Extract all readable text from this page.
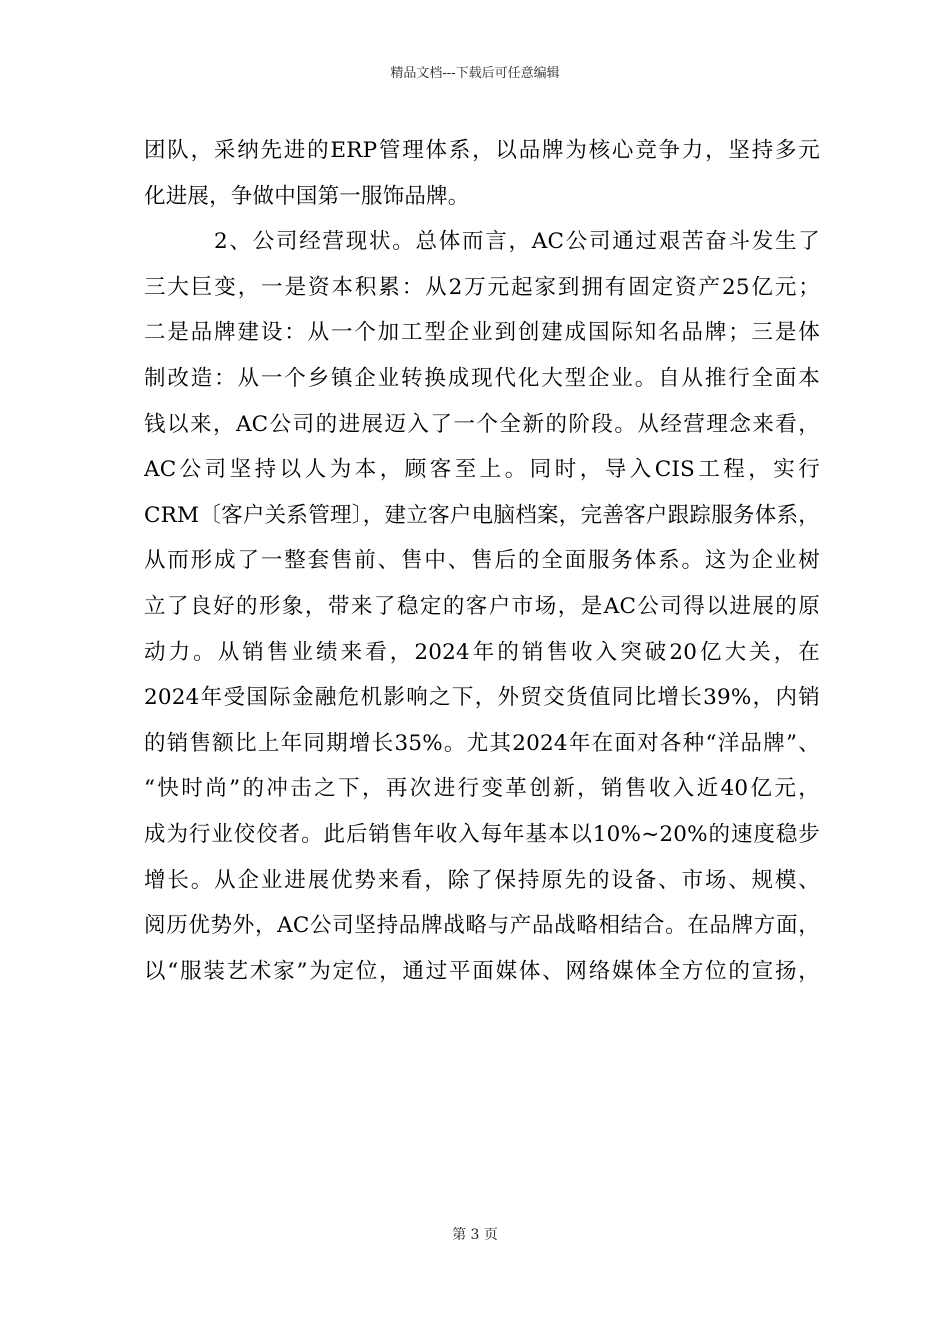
精品文档---下载后可任意编辑
团队，采纳先进的ERP管理体系，以品牌为核心竞争力，坚持多元
化进展，争做中国第一服饰品牌。
2、公司经营现状。总体而言，AC公司通过艰苦奋斗发生了
三大巨变，一是资本积累：从2万元起家到拥有固定资产25亿元；
二是品牌建设：从一个加工型企业到创建成国际知名品牌；三是体
制改造：从一个乡镇企业转换成现代化大型企业。自从推行全面本
钱以来，AC公司的进展迈入了一个全新的阶段。从经营理念来看，
AC公司坚持以人为本，顾客至上。同时，导入CIS工程，实行
CRM〔客户关系管理〕，建立客户电脑档案，完善客户跟踪服务体系，
从而形成了一整套售前、售中、售后的全面服务体系。这为企业树
立了良好的形象，带来了稳定的客户市场，是AC公司得以进展的原
动力。从销售业绩来看，2024年的销售收入突破20亿大关，在
2024年受国际金融危机影响之下，外贸交货值同比增长39%，内销
的销售额比上年同期增长35%。尤其2024年在面对各种“洋品牌”、
“快时尚”的冲击之下，再次进行变革创新，销售收入近40亿元，
成为行业佼佼者。此后销售年收入每年基本以10%~20%的速度稳步
增长。从企业进展优势来看，除了保持原先的设备、市场、规模、
阅历优势外，AC公司坚持品牌战略与产品战略相结合。在品牌方面，
以“服装艺术家”为定位，通过平面媒体、网络媒体全方位的宣扬，
第 3 页
